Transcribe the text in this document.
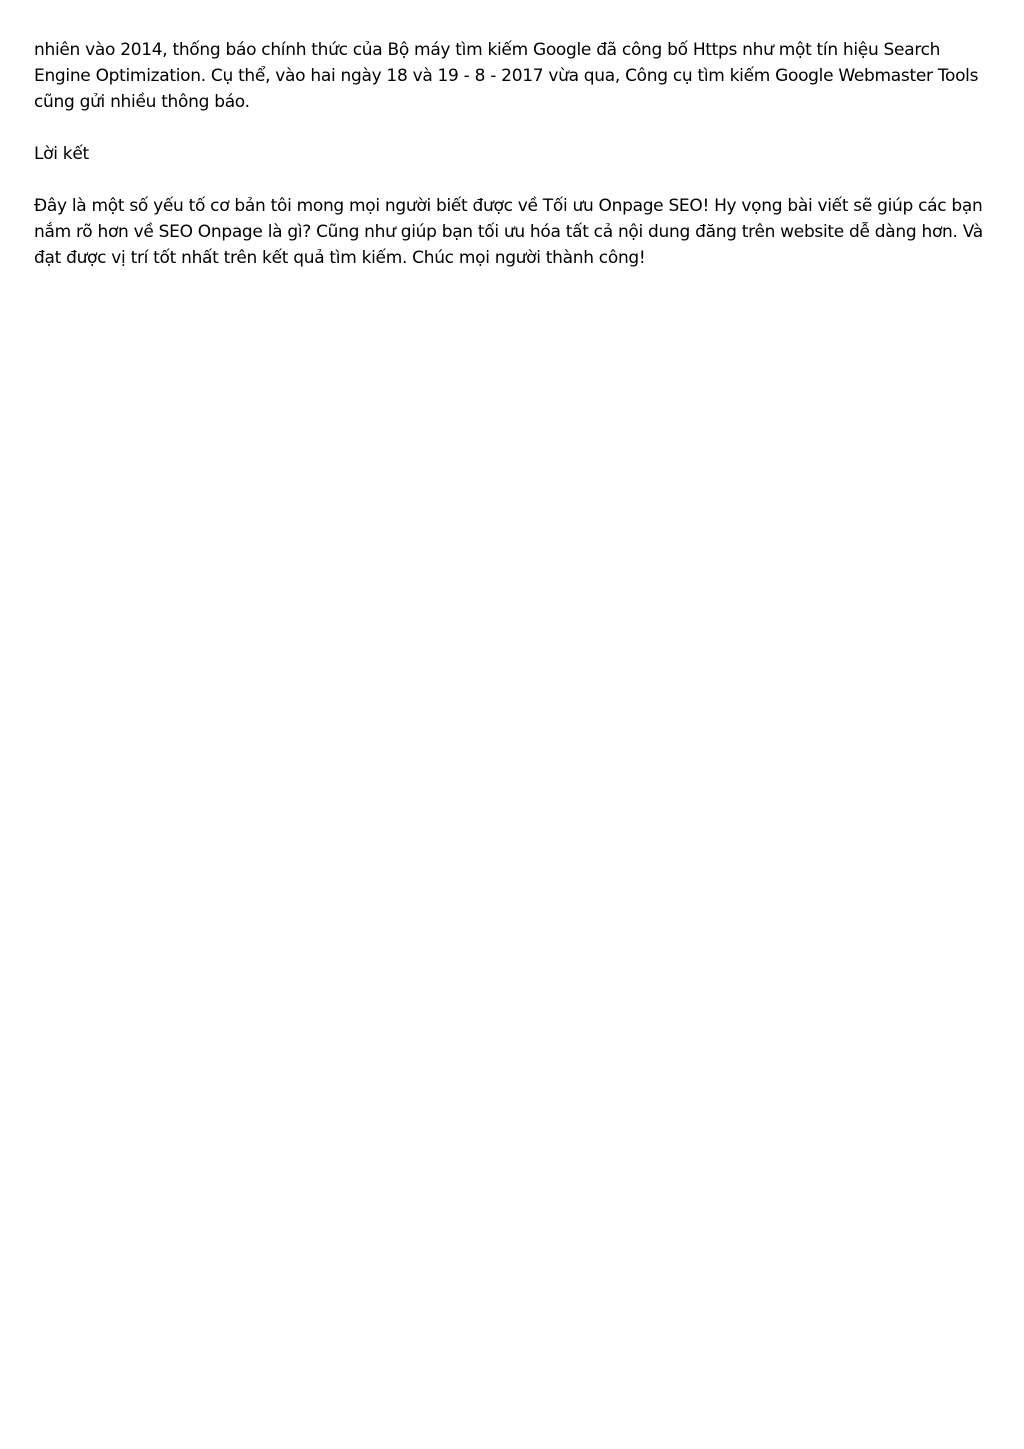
nhiên vào 2014, thống báo chính thức của Bộ máy tìm kiếm Google đã công bố Https như một tín hiệu Search Engine Optimization. Cụ thể, vào hai ngày 18 và 19 - 8 - 2017 vừa qua, Công cụ tìm kiếm Google Webmaster Tools cũng gửi nhiều thông báo.

Lời kết

Đây là một số yếu tố cơ bản tôi mong mọi người biết được về Tối ưu Onpage SEO! Hy vọng bài viết sẽ giúp các bạn nắm rõ hơn về SEO Onpage là gì? Cũng như giúp bạn tối ưu hóa tất cả nội dung đăng trên website dễ dàng hơn. Và đạt được vị trí tốt nhất trên kết quả tìm kiếm. Chúc mọi người thành công!
